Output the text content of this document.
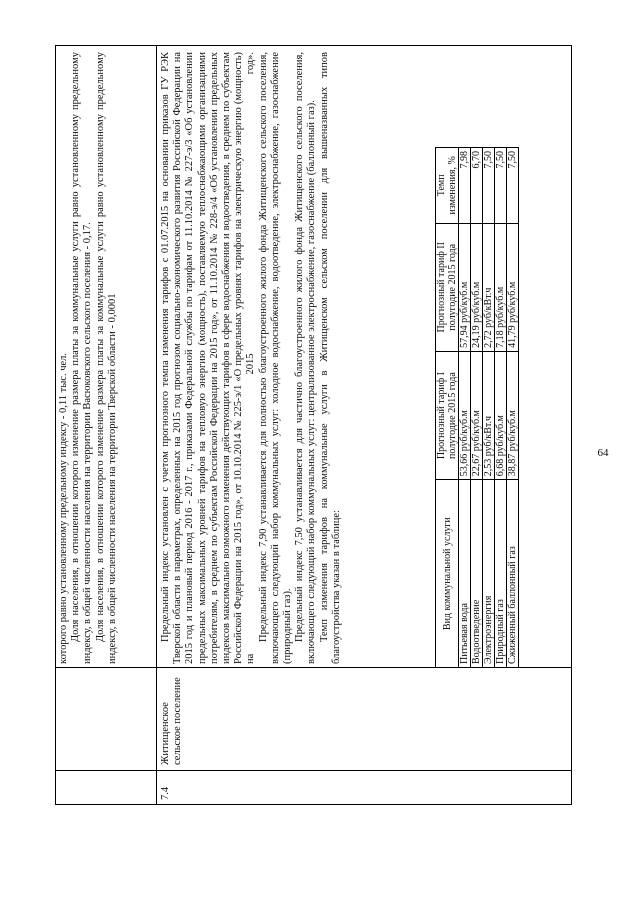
64

которого равно установленному предельному индексу - 0,11 тыс. чел. Доля населения, в отношении которого изменение размера платы за коммунальные услуги равно установленному предельному индексу, в общей численности населения на территории Васюковского сельского поселения - 0,17. Доля населения, в отношении которого изменение размера платы за коммунальные услуги равно установленному предельному индексу, в общей численности населения на территории Тверской области - 0,0001

7.4
Житищенское сельское поселение

Предельный индекс установлен с учетом прогнозного темпа изменения тарифов с 01.07.2015 на основании приказов ГУ РЭК Тверской области в параметрах, определенных на 2015 год прогнозом социально-экономического развития Российской Федерации на 2015 год и плановый период 2016 - 2017 г., приказами Федеральной службы по тарифам от 11.10.2014 № 227-э/3 «Об установлении предельных максимальных уровней тарифов на тепловую энергию (мощность), поставляемую теплоснабжающими организациями потребителям, в среднем по субъектам Российской Федерации на 2015 год», от 11.10.2014 № 228-э/4 «Об установлении предельных индексов максимально возможного изменения действующих тарифов в сфере водоснабжения и водоотведения, в среднем по субъектам Российской Федерации на 2015 год», от 10.10.2014 № 225-э/1 «О предельных уровнях тарифов на электрическую энергию (мощность) на 2015 год». Предельный индекс 7,90 устанавливается для полностью благоустроенного жилого фонда Житищенского сельского поселения, включающего следующий набор коммунальных услуг: холодное водоснабжение, водоотведение, электроснабжение, газоснабжение (природный газ). Предельный индекс 7,50 устанавливается для частично благоустроенного жилого фонда Житищенского сельского поселения, включающего следующий набор коммунальных услуг: централизованное электроснабжение, газоснабжение (баллонный газ). Темп изменения тарифов на коммунальные услуги в Житищенском сельском поселении для вышеназванных типов благоустройства указан в таблице:	Вид коммунальной услуги	Прогнозный тариф I полугодие 2015 года	Прогнозный тариф II полугодие 2015 года	Темп изменения, %
Питьевая вода	53,66 руб/куб.м	57,94 руб/куб.м	7,98
Водоотведение	22,67 руб/куб.м	24,19 руб/куб.м	6,70
Электроэнергия	2,53 руб/кВт.ч	2,72 руб/кВт.ч	7,50
Природный газ	6,68 руб/куб.м	7,18 руб/куб.м	7,50
Сжиженный баллонный газ	38,87 руб/куб.м	41,79 руб/куб.м	7,50
